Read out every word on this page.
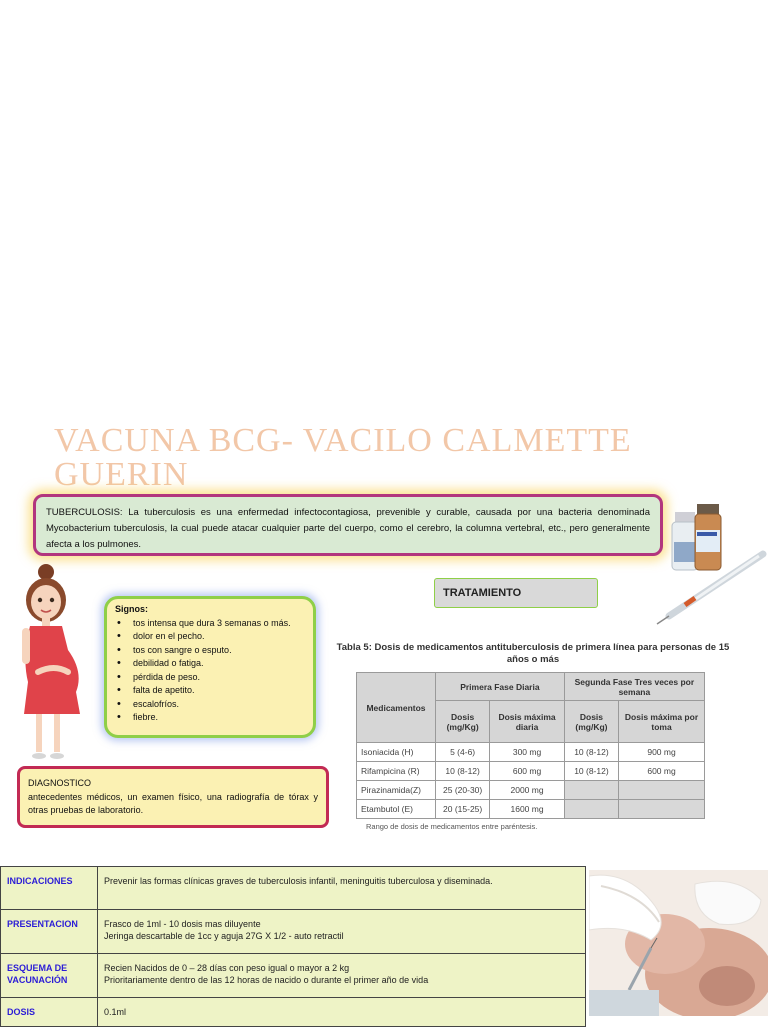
VACUNA BCG- VACILO CALMETTE GUERIN
TUBERCULOSIS: La tuberculosis es una enfermedad infectocontagiosa, prevenible y curable, causada por una bacteria denominada Mycobacterium tuberculosis, la cual puede atacar cualquier parte del cuerpo, como el cerebro, la columna vertebral, etc., pero generalmente afecta a los pulmones.
Signos:
• tos intensa que dura 3 semanas o más.
• dolor en el pecho.
• tos con sangre o esputo.
• debilidad o fatiga.
• pérdida de peso.
• falta de apetito.
• escalofríos.
• fiebre.
TRATAMIENTO
DIAGNOSTICO
antecedentes médicos, un examen físico, una radiografía de tórax y otras pruebas de laboratorio.
Tabla 5: Dosis de medicamentos antituberculosis de primera línea para personas de 15 años o más
Medicamentos	Primera Fase Diaria		Segunda Fase Tres veces por semana	
	Dosis (mg/Kg)	Dosis máxima diaria	Dosis (mg/Kg)	Dosis máxima por toma
Isoniacida (H)	5 (4-6)	300 mg	10 (8-12)	900 mg
Rifampicina (R)	10 (8-12)	600 mg	10 (8-12)	600 mg
Pirazinamida(Z)	25 (20-30)	2000 mg		
Etambutol (E)	20 (15-25)	1600 mg		
Rango de dosis de medicamentos entre paréntesis.
INDICACIONES	Prevenir las formas clínicas graves de tuberculosis infantil, meninguitis tuberculosa y diseminada.
PRESENTACION	Frasco de 1ml - 10 dosis mas diluyente
Jeringa descartable de 1cc y aguja 27G X 1/2 - auto retractil
ESQUEMA DE VACUNACIÓN	Recien Nacidos de 0 – 28 días con peso igual o mayor a 2 kg
Prioritariamente dentro de las 12 horas de nacido o durante el primer año de vida
DOSIS	0.1ml
